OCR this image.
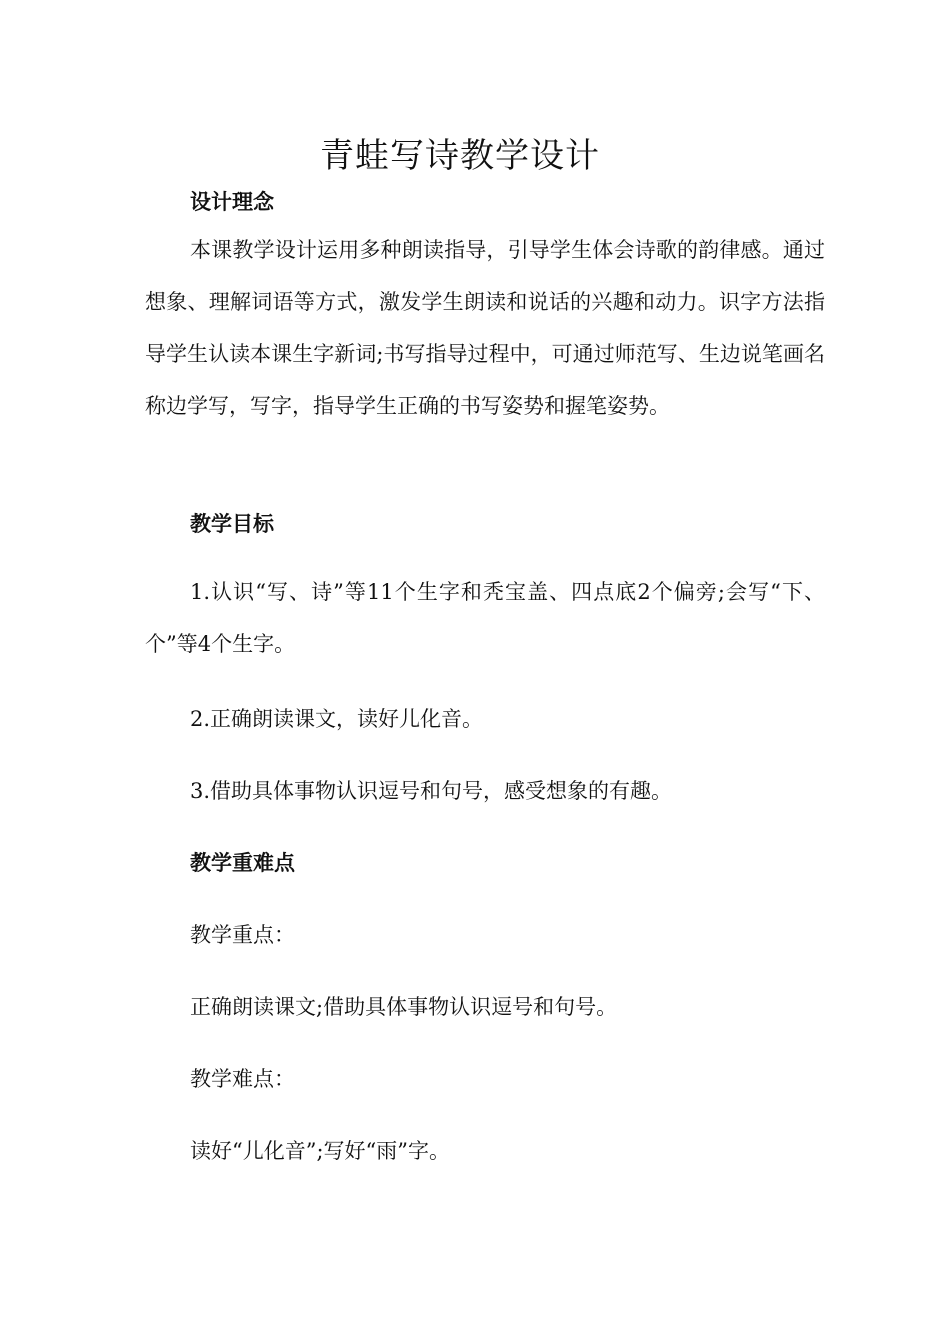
青蛙写诗教学设计
设计理念

本课教学设计运用多种朗读指导，引导学生体会诗歌的韵律感。通过想象、理解词语等方式，激发学生朗读和说话的兴趣和动力。识字方法指导学生认读本课生字新词;书写指导过程中，可通过师范写、生边说笔画名称边学写，写字，指导学生正确的书写姿势和握笔姿势。

教学目标

1.认识“写、诗”等11个生字和秃宝盖、四点底2个偏旁;会写“下、个”等4个生字。

2.正确朗读课文，读好儿化音。

3.借助具体事物认识逗号和句号，感受想象的有趣。

教学重难点

教学重点：

正确朗读课文;借助具体事物认识逗号和句号。

教学难点：

读好“儿化音”;写好“雨”字。
